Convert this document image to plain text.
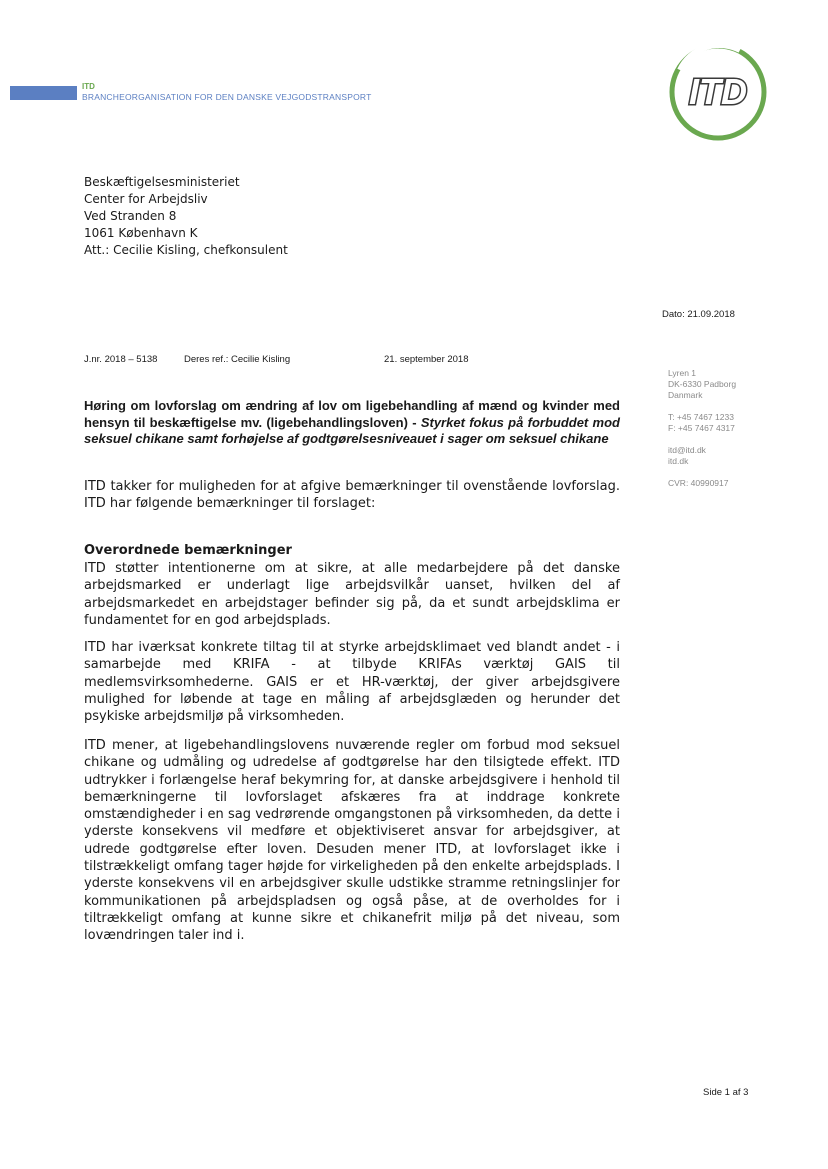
ITD
BRANCHEORGANISATION FOR DEN DANSKE VEJGODSTRANSPORT	ITD
Beskæftigelsesministeriet
Center for Arbejdsliv
Ved Stranden 8
1061 København K
Att.: Cecilie Kisling, chefkonsulent
Dato: 21.09.2018
J.nr. 2018 – 5138	Deres ref.: Cecilie Kisling	21. september 2018
Lyren 1
DK-6330 Padborg
Danmark
T: +45 7467 1233
F: +45 7467 4317
itd@itd.dk
itd.dk
CVR: 40990917
Høring om lovforslag om ændring af lov om ligebehandling af mænd og kvinder med hensyn til beskæftigelse mv. (ligebehandlingsloven) - Styrket fokus på forbuddet mod seksuel chikane samt forhøjelse af godtgørelsesniveauet i sager om seksuel chikane
ITD takker for muligheden for at afgive bemærkninger til ovenstående lovforslag. ITD har følgende bemærkninger til forslaget:
Overordnede bemærkninger
ITD støtter intentionerne om at sikre, at alle medarbejdere på det danske arbejdsmarked er underlagt lige arbejdsvilkår uanset, hvilken del af arbejdsmarkedet en arbejdstager befinder sig på, da et sundt arbejdsklima er fundamentet for en god arbejdsplads.
ITD har iværksat konkrete tiltag til at styrke arbejdsklimaet ved blandt andet - i samarbejde med KRIFA - at tilbyde KRIFAs værktøj GAIS til medlemsvirksomhederne. GAIS er et HR-værktøj, der giver arbejdsgivere mulighed for løbende at tage en måling af arbejdsglæden og herunder det psykiske arbejdsmiljø på virksomheden.
ITD mener, at ligebehandlingslovens nuværende regler om forbud mod seksuel chikane og udmåling og udredelse af godtgørelse har den tilsigtede effekt. ITD udtrykker i forlængelse heraf bekymring for, at danske arbejdsgivere i henhold til bemærkningerne til lovforslaget afskæres fra at inddrage konkrete omstændigheder i en sag vedrørende omgangstonen på virksomheden, da dette i yderste konsekvens vil medføre et objektiviseret ansvar for arbejdsgiver, at udrede godtgørelse efter loven. Desuden mener ITD, at lovforslaget ikke i tilstrækkeligt omfang tager højde for virkeligheden på den enkelte arbejdsplads. I yderste konsekvens vil en arbejdsgiver skulle udstikke stramme retningslinjer for kommunikationen på arbejdspladsen og også påse, at de overholdes for i tiltrækkeligt omfang at kunne sikre et chikanefrit miljø på det niveau, som lovændringen taler ind i.
Side 1 af 3
